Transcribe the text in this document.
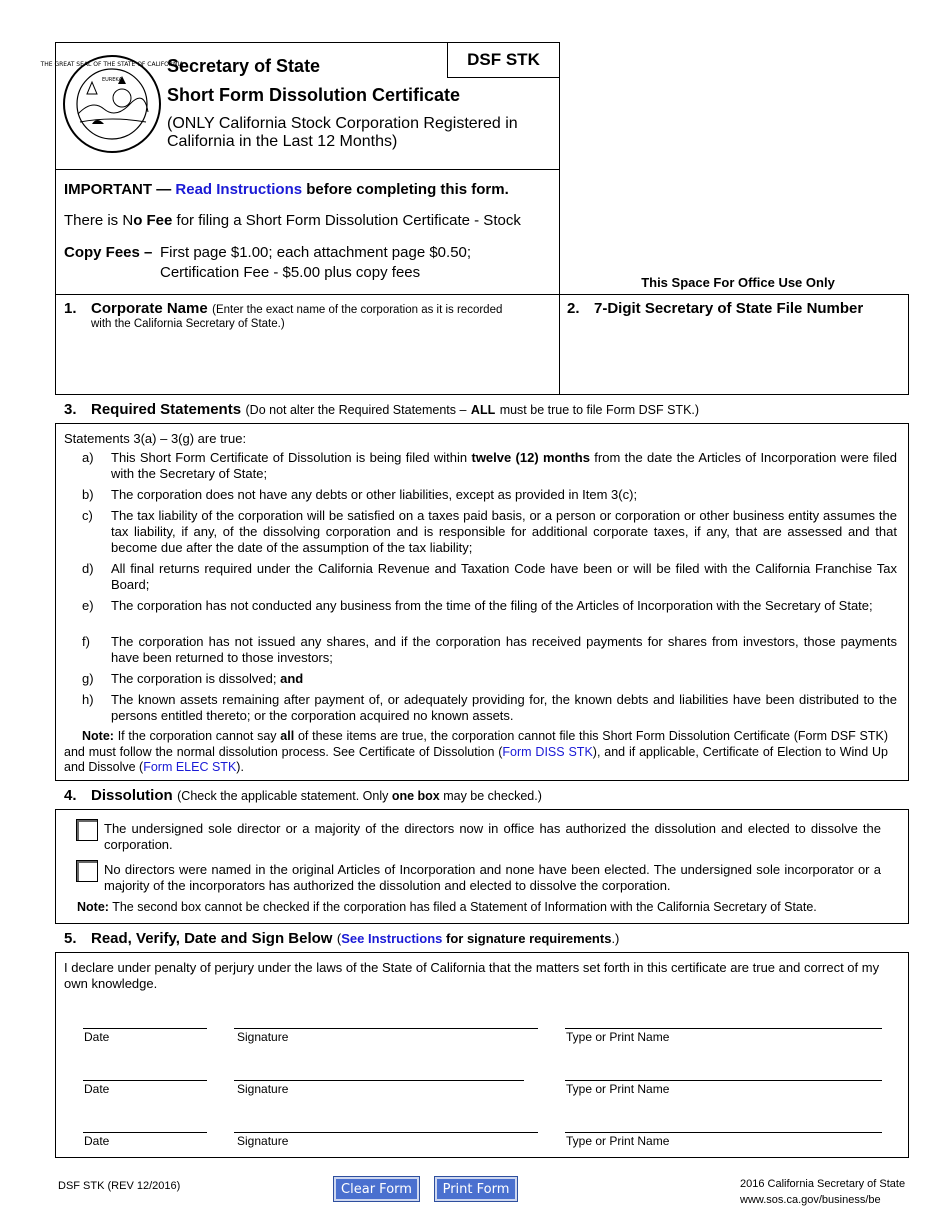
DSF STK
THE GREAT SEAL OF THE STATE OF CALIFORNIA
EUREKA
Secretary of State
Short Form Dissolution Certificate
(ONLY California Stock Corporation Registered in
California in the Last 12 Months)
IMPORTANT — Read Instructions before completing this form.
There is No Fee for filing a Short Form Dissolution Certificate - Stock
Copy Fees – First page $1.00; each attachment page $0.50;
Certification Fee - $5.00 plus copy fees
This Space For Office Use Only
1. Corporate Name (Enter the exact name of the corporation as it is recorded
with the California Secretary of State.)
2. 7-Digit Secretary of State File Number
3. Required Statements (Do not alter the Required Statements – ALL must be true to file Form DSF STK.)
Statements 3(a) – 3(g) are true:
a)	This Short Form Certificate of Dissolution is being filed within twelve (12) months from the date the Articles of Incorporation were filed with the Secretary of State;
b)	The corporation does not have any debts or other liabilities, except as provided in Item 3(c);
c)	The tax liability of the corporation will be satisfied on a taxes paid basis, or a person or corporation or other business entity assumes the tax liability, if any, of the dissolving corporation and is responsible for additional corporate taxes, if any, that are assessed and that become due after the date of the assumption of the tax liability;
d)	All final returns required under the California Revenue and Taxation Code have been or will be filed with the California Franchise Tax Board;
e)	The corporation has not conducted any business from the time of the filing of the Articles of Incorporation with the Secretary of State;
f)	The corporation has not issued any shares, and if the corporation has received payments for shares from investors, those payments have been returned to those investors;
g)	The corporation is dissolved; and
h)	The known assets remaining after payment of, or adequately providing for, the known debts and liabilities have been distributed to the persons entitled thereto; or the corporation acquired no known assets.
Note: If the corporation cannot say all of these items are true, the corporation cannot file this Short Form Dissolution Certificate (Form DSF STK) and must follow the normal dissolution process. See Certificate of Dissolution (Form DISS STK), and if applicable, Certificate of Election to Wind Up and Dissolve (Form ELEC STK).
4. Dissolution (Check the applicable statement. Only one box may be checked.)
The undersigned sole director or a majority of the directors now in office has authorized the dissolution and elected to dissolve the corporation.
No directors were named in the original Articles of Incorporation and none have been elected. The undersigned sole incorporator or a majority of the incorporators has authorized the dissolution and elected to dissolve the corporation.
Note: The second box cannot be checked if the corporation has filed a Statement of Information with the California Secretary of State.
5. Read, Verify, Date and Sign Below (See Instructions for signature requirements.)
I declare under penalty of perjury under the laws of the State of California that the matters set forth in this certificate are true and correct of my own knowledge.
Date	Signature	Type or Print Name
Date	Signature	Type or Print Name
Date	Signature	Type or Print Name
DSF STK (REV 12/2016)	Clear Form	Print Form	2016 California Secretary of State
www.sos.ca.gov/business/be
